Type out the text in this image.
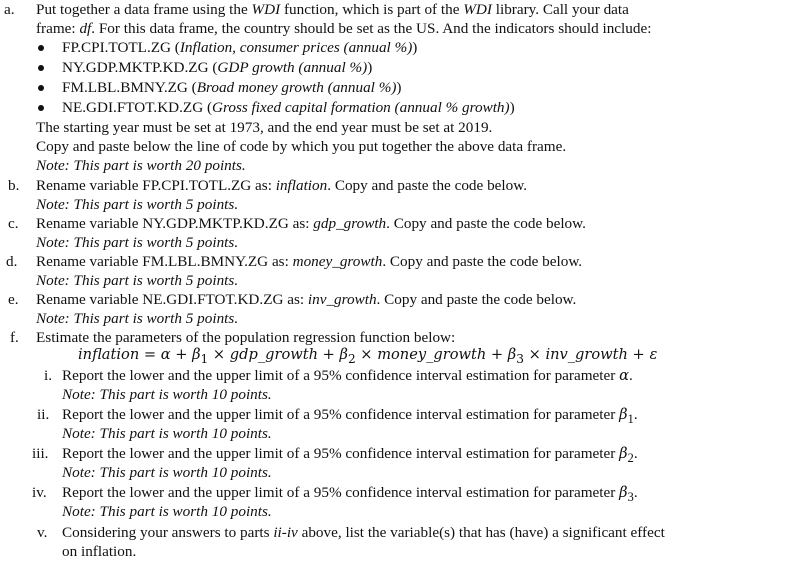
a. Put together a data frame using the WDI function, which is part of the WDI library. Call your data
frame: df. For this data frame, the country should be set as the US. And the indicators should include:
FP.CPI.TOTL.ZG (Inflation, consumer prices (annual %))
NY.GDP.MKTP.KD.ZG (GDP growth (annual %))
FM.LBL.BMNY.ZG (Broad money growth (annual %))
NE.GDI.FTOT.KD.ZG (Gross fixed capital formation (annual % growth))
The starting year must be set at 1973, and the end year must be set at 2019.
Copy and paste below the line of code by which you put together the above data frame.
Note: This part is worth 20 points.
b. Rename variable FP.CPI.TOTL.ZG as: inflation. Copy and paste the code below.
Note: This part is worth 5 points.
c. Rename variable NY.GDP.MKTP.KD.ZG as: gdp_growth. Copy and paste the code below.
Note: This part is worth 5 points.
d. Rename variable FM.LBL.BMNY.ZG as: money_growth. Copy and paste the code below.
Note: This part is worth 5 points.
e. Rename variable NE.GDI.FTOT.KD.ZG as: inv_growth. Copy and paste the code below.
Note: This part is worth 5 points.
f. Estimate the parameters of the population regression function below:
inflation = $\alpha + \beta_1$ × gdp_growth + $\beta_2$ × money_growth + $\beta_3$ × inv_growth + ε
i. Report the lower and the upper limit of a 95% confidence interval estimation for parameter α.
Note: This part is worth 10 points.
ii. Report the lower and the upper limit of a 95% confidence interval estimation for parameter $\beta_1$.
Note: This part is worth 10 points.
iii. Report the lower and the upper limit of a 95% confidence interval estimation for parameter $\beta_2$.
Note: This part is worth 10 points.
iv. Report the lower and the upper limit of a 95% confidence interval estimation for parameter $\beta_3$.
Note: This part is worth 10 points.
v. Considering your answers to parts ii-iv above, list the variable(s) that has (have) a significant effect
on inflation.
